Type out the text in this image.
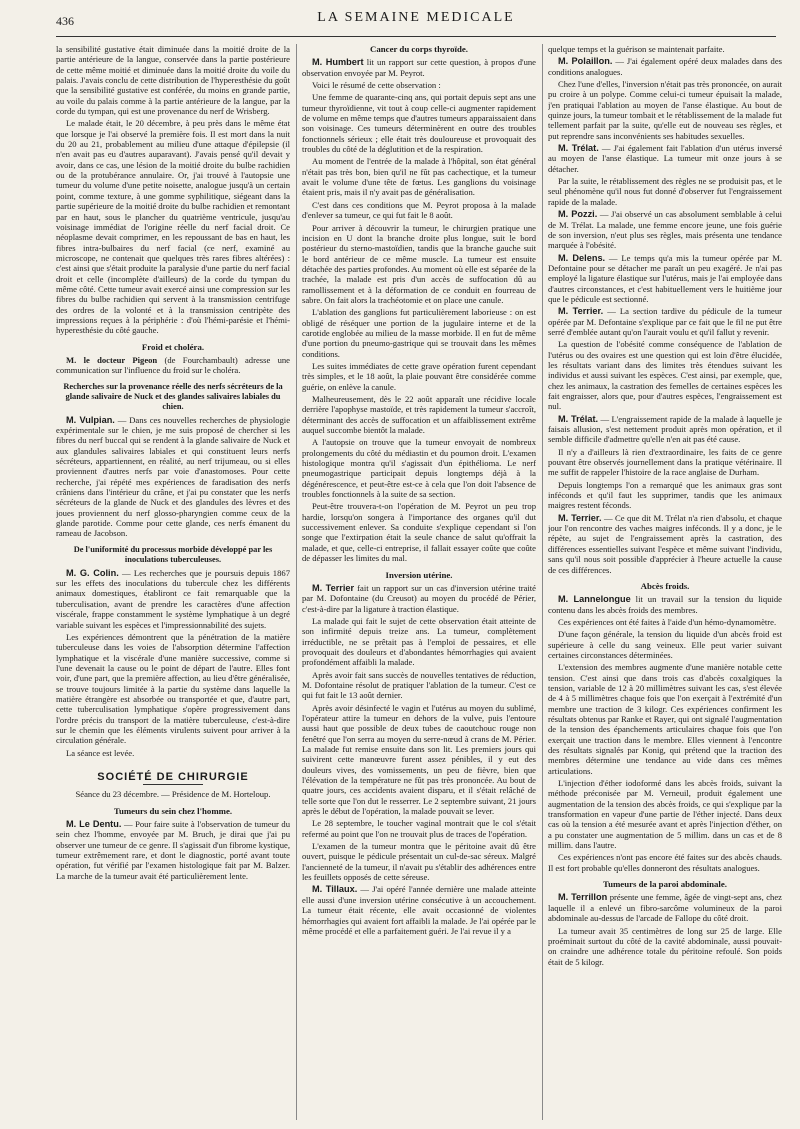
436	LA SEMAINE MEDICALE

la sensibilité gustative était diminuée dans la moitié droite de la partie antérieure de la langue, conservée dans la partie postérieure de cette même moitié et diminuée dans la moitié droite du voile du palais. J'avais conclu de cette distribution de l'hyperesthésie du goût que la sensibilité gustative est conférée, du moins en grande partie, au voile du palais comme à la partie antérieure de la langue, par la corde du tympan, qui est une provenance du nerf de Wrisberg.

Le malade était, le 20 décembre, à peu près dans le même état que lorsque je l'ai observé la première fois. Il est mort dans la nuit du 20 au 21, probablement au milieu d'une attaque d'épilepsie (il n'en avait pas eu d'autres auparavant). J'avais pensé qu'il devait y avoir, dans ce cas, une lésion de la moitié droite du bulbe rachidien ou de la protubérance annulaire. Or, j'ai trouvé à l'autopsie une tumeur du volume d'une petite noisette, analogue jusqu'à un certain point, comme texture, à une gomme syphilitique, siégeant dans la partie supérieure de la moitié droite du bulbe rachidien et remontant par en haut, sous le plancher du quatrième ventricule, jusqu'au voisinage immédiat de l'origine réelle du nerf facial droit. Ce néoplasme devait comprimer, en les repoussant de bas en haut, les fibres intra-bulbaires du nerf facial (ce nerf, examiné au microscope, ne contenait que quelques très rares fibres altérées) : c'est ainsi que s'était produite la paralysie d'une partie du nerf facial droit et celle (incomplète d'ailleurs) de la corde du tympan du même côté. Cette tumeur avait exercé ainsi une compression sur les fibres du bulbe rachidien qui servent à la transmission centrifuge des ordres de la volonté et à la transmission centripète des impressions reçues à la périphérie : d'où l'hémi-parésie et l'hémi-hyperesthésie du côté gauche.

Froid et choléra.

M. le docteur Pigeon (de Fourchambault) adresse une communication sur l'influence du froid sur le choléra.

Recherches sur la provenance réelle des nerfs sécréteurs de la glande salivaire de Nuck et des glandes salivaires labiales du chien.

M. Vulpian. — Dans ces nouvelles recherches de physiologie expérimentale sur le chien, je me suis proposé de chercher si les fibres du nerf buccal qui se rendent à la glande salivaire de Nuck et aux glandules salivaires labiales et qui constituent leurs nerfs sécréteurs, appartiennent, en réalité, au nerf trijumeau, ou si elles proviennent d'autres nerfs par voie d'anastomoses. Pour cette recherche, j'ai répété mes expériences de faradisation des nerfs crâniens dans l'intérieur du crâne, et j'ai pu constater que les nerfs sécréteurs de la glande de Nuck et des glandules des lèvres et des joues proviennent du nerf glosso-pharyngien comme ceux de la glande parotide. Comme pour cette glande, ces nerfs émanent du rameau de Jacobson.

De l'uniformité du processus morbide développé par les inoculations tuberculeuses.

M. G. Colin. — Les recherches que je poursuis depuis 1867 sur les effets des inoculations du tubercule chez les différents animaux domestiques, établiront ce fait remarquable que la tuberculisation, avant de prendre les caractères d'une affection viscérale, frappe constamment le système lymphatique à un degré variable suivant les espèces et l'impressionnabilité des sujets.

Les expériences démontrent que la pénétration de la matière tuberculeuse dans les voies de l'absorption détermine l'affection lymphatique et la viscérale d'une manière successive, comme si l'une devenait la cause ou le point de départ de l'autre. Elles font voir, d'une part, que la première affection, au lieu d'être généralisée, se trouve toujours limitée à la partie du système dans laquelle la matière étrangère est absorbée ou transportée et que, d'autre part, cette tuberculisation lymphatique s'opère progressivement dans l'ordre précis du transport de la matière tuberculeuse, c'est-à-dire sur le chemin que les éléments virulents suivent pour arriver à la circulation générale.

La séance est levée.

SOCIÉTÉ DE CHIRURGIE
Séance du 23 décembre. — Présidence de M. Horteloup.
Tumeurs du sein chez l'homme.

M. Le Dentu. — Pour faire suite à l'observation de tumeur du sein chez l'homme, envoyée par M. Bruch, je dirai que j'ai pu observer une tumeur de ce genre. Il s'agissait d'un fibrome kystique, tumeur extrêmement rare, et dont le diagnostic, porté avant toute opération, fut vérifié par l'examen histologique fait par M. Balzer. La marche de la tumeur avait été particulièrement lente.

Cancer du corps thyroïde.

M. Humbert lit un rapport sur cette question, à propos d'une observation envoyée par M. Peyrot.

Voici le résumé de cette observation :

Une femme de quarante-cinq ans, qui portait depuis sept ans une tumeur thyroïdienne, vit tout à coup celle-ci augmenter rapidement de volume en même temps que d'autres tumeurs apparaissaient dans son voisinage. Ces tumeurs déterminèrent en outre des troubles fonctionnels sérieux ; elle était très douloureuse et provoquait des troubles du côté de la déglutition et de la respiration.

Au moment de l'entrée de la malade à l'hôpital, son état général n'était pas très bon, bien qu'il ne fût pas cachectique, et la tumeur avait le volume d'une tête de fœtus. Les ganglions du voisinage étaient pris, mais il n'y avait pas de généralisation.

C'est dans ces conditions que M. Peyrot proposa à la malade d'enlever sa tumeur, ce qui fut fait le 8 août.

Pour arriver à découvrir la tumeur, le chirurgien pratique une incision en U dont la branche droite plus longue, suit le bord postérieur du sterno-mastoïdien, tandis que la branche gauche suit le bord antérieur de ce même muscle. La tumeur est ensuite détachée des parties profondes. Au moment où elle est séparée de la trachée, la malade est pris d'un accès de suffocation dû au ramollissement et à la déformation de ce conduit en fourreau de sabre. On fait alors la trachéotomie et on place une canule.

L'ablation des ganglions fut particulièrement laborieuse : on est obligé de réséquer une portion de la jugulaire interne et de la carotide englobée au milieu de la masse morbide. Il en fut de même d'une portion du pneumo-gastrique qui se trouvait dans les mêmes conditions.

Les suites immédiates de cette grave opération furent cependant très simples, et le 18 août, la plaie pouvant être considérée comme guérie, on enlève la canule.

Malheureusement, dès le 22 août apparaît une récidive locale derrière l'apophyse mastoïde, et très rapidement la tumeur s'accroît, déterminant des accès de suffocation et un affaiblissement extrême auquel succombe bientôt la malade.

A l'autopsie on trouve que la tumeur envoyait de nombreux prolongements du côté du médiastin et du poumon droit. L'examen histologique montra qu'il s'agissait d'un épithélioma. Le nerf pneumogastrique participait depuis longtemps déjà à la dégénérescence, et peut-être est-ce à cela que l'on doit l'absence de troubles fonctionnels à la suite de sa section.

Peut-être trouvera-t-on l'opération de M. Peyrot un peu trop hardie, lorsqu'on songera à l'importance des organes qu'il dut successivement enlever. Sa conduite s'explique cependant si l'on songe que l'extirpation était la seule chance de salut qu'offrait la malade, et que, celle-ci entreprise, il fallait essayer coûte que coûte de dépasser les limites du mal.

Inversion utérine.

M. Terrier fait un rapport sur un cas d'inversion utérine traité par M. Dofontaine (du Creusot) au moyen du procédé de Périer, c'est-à-dire par la ligature à traction élastique.

La malade qui fait le sujet de cette observation était atteinte de son infirmité depuis treize ans. La tumeur, complètement irréductible, ne se prêtait pas à l'emploi de pessaires, et elle provoquait des douleurs et d'abondantes hémorrhagies qui avaient profondément affaibli la malade.

Après avoir fait sans succès de nouvelles tentatives de réduction, M. Dofontaine résolut de pratiquer l'ablation de la tumeur. C'est ce qui fut fait le 13 août dernier.

Après avoir désinfecté le vagin et l'utérus au moyen du sublimé, l'opérateur attire la tumeur en dehors de la vulve, puis l'entoure aussi haut que possible de deux tubes de caoutchouc rouge non fenêtré que l'on serra au moyen du serre-nœud à crans de M. Périer. La malade fut remise ensuite dans son lit. Les premiers jours qui suivirent cette manœuvre furent assez pénibles, il y eut des douleurs vives, des vomissements, un peu de fièvre, bien que l'élévation de la température ne fût pas très prononcée. Au bout de quatre jours, ces accidents avaient disparu, et il s'était relâché de telle sorte que l'on dut le resserrer. Le 2 septembre suivant, 21 jours après le début de l'opération, la malade pouvait se lever.

Le 28 septembre, le toucher vaginal montrait que le col s'était refermé au point que l'on ne trouvait plus de traces de l'opération.

L'examen de la tumeur montra que le péritoine avait dû être ouvert, puisque le pédicule présentait un cul-de-sac séreux. Malgré l'ancienneté de la tumeur, il n'avait pu s'établir des adhérences entre les feuillets opposés de cette séreuse.

M. Tillaux. — J'ai opéré l'année dernière une malade atteinte elle aussi d'une inversion utérine consécutive à un accouchement. La tumeur était récente, elle avait occasionné de violentes hémorrhagies qui avaient fort affaibli la malade. Je l'ai opérée par le même procédé et elle a parfaitement guéri. Je l'ai revue il y a

quelque temps et la guérison se maintenait parfaite.

M. Polaillon. — J'ai également opéré deux malades dans des conditions analogues.

Chez l'une d'elles, l'inversion n'était pas très prononcée, on aurait pu croire à un polype. Comme celui-ci tumeur épuisait la malade, j'en pratiquai l'ablation au moyen de l'anse élastique. Au bout de quinze jours, la tumeur tombait et le rétablissement de la malade fut tellement parfait par la suite, qu'elle eut de nouveau ses règles, et put reprendre sans inconvénients ses habitudes sexuelles.

M. Trélat. — J'ai également fait l'ablation d'un utérus inversé au moyen de l'anse élastique. La tumeur mit onze jours à se détacher.

Par la suite, le rétablissement des règles ne se produisit pas, et le seul phénomène qu'il nous fut donné d'observer fut l'engraissement rapide de la malade.

M. Pozzi. — J'ai observé un cas absolument semblable à celui de M. Trélat. La malade, une femme encore jeune, une fois guérie de son inversion, n'eut plus ses règles, mais présenta une tendance marquée à l'obésité.

M. Delens. — Le temps qu'a mis la tumeur opérée par M. Defontaine pour se détacher me paraît un peu exagéré. Je n'ai pas employé la ligature élastique sur l'utérus, mais je l'ai employée dans d'autres circonstances, et c'est habituellement vers le huitième jour que le pédicule est sectionné.

M. Terrier. — La section tardive du pédicule de la tumeur opérée par M. Defontaine s'explique par ce fait que le fil ne put être serré d'emblée autant qu'on l'aurait voulu et qu'il fallut y revenir.

La question de l'obésité comme conséquence de l'ablation de l'utérus ou des ovaires est une question qui est loin d'être élucidée, les résultats variant dans des limites très étendues suivant les individus et aussi suivant les espèces. C'est ainsi, par exemple, que, chez les animaux, la castration des femelles de certaines espèces les fait engraisser, alors que, pour d'autres espèces, l'engraissement est nul.

M. Trélat. — L'engraissement rapide de la malade à laquelle je faisais allusion, s'est nettement produit après mon opération, et il semble difficile d'admettre qu'elle n'en ait pas été cause.

Il n'y a d'ailleurs là rien d'extraordinaire, les faits de ce genre pouvant être observés journellement dans la pratique vétérinaire. Il me suffit de rappeler l'histoire de la race anglaise de Durham.

Depuis longtemps l'on a remarqué que les animaux gras sont inféconds et qu'il faut les supprimer, tandis que les animaux maigres restent féconds.

M. Terrier. — Ce que dit M. Trélat n'a rien d'absolu, et chaque jour l'on rencontre des vaches maigres inféconds. Il y a donc, je le répète, au sujet de l'engraissement après la castration, des différences essentielles suivant l'espèce et même suivant l'individu, sans qu'il nous soit possible d'apprécier à l'heure actuelle la cause de ces différences.

Abcès froids.

M. Lannelongue lit un travail sur la tension du liquide contenu dans les abcès froids des membres.

Ces expériences ont été faites à l'aide d'un hémo-dynamomètre.

D'une façon générale, la tension du liquide d'un abcès froid est supérieure à celle du sang veineux. Elle peut varier suivant certaines circonstances déterminées.

L'extension des membres augmente d'une manière notable cette tension. C'est ainsi que dans trois cas d'abcès coxalgiques la tension, variable de 12 à 20 millimètres suivant les cas, s'est élevée de 4 à 5 millimètres chaque fois que l'on exerçait à l'extrémité d'un membre une traction de 3 kilogr. Ces expériences confirment les résultats obtenus par Ranke et Rayer, qui ont signalé l'augmentation de la tension des épanchements articulaires chaque fois que l'on exerçait une traction dans le membre. Elles viennent à l'encontre des résultats signalés par Konig, qui prétend que la traction des membres détermine une tendance au vide dans ces mêmes articulations.

L'injection d'éther iodoformé dans les abcès froids, suivant la méthode préconisée par M. Verneuil, produit également une augmentation de la tension des abcès froids, ce qui s'explique par la transformation en vapeur d'une partie de l'éther injecté. Dans deux cas où la tension a été mesurée avant et après l'injection d'éther, on a pu constater une augmentation de 5 millim. dans un cas et de 8 millim. dans l'autre.

Ces expériences n'ont pas encore été faites sur des abcès chauds. Il est fort probable qu'elles donneront des résultats analogues.

Tumeurs de la paroi abdominale.

M. Terrillon présente une femme, âgée de vingt-sept ans, chez laquelle il a enlevé un fibro-sarcôme volumineux de la paroi abdominale au-dessus de l'arcade de Fallope du côté droit.

La tumeur avait 35 centimètres de long sur 25 de large. Elle proéminait surtout du côté de la cavité abdominale, aussi pouvait-on craindre une adhérence totale du péritoine refoulé. Son poids était de 5 kilogr.
